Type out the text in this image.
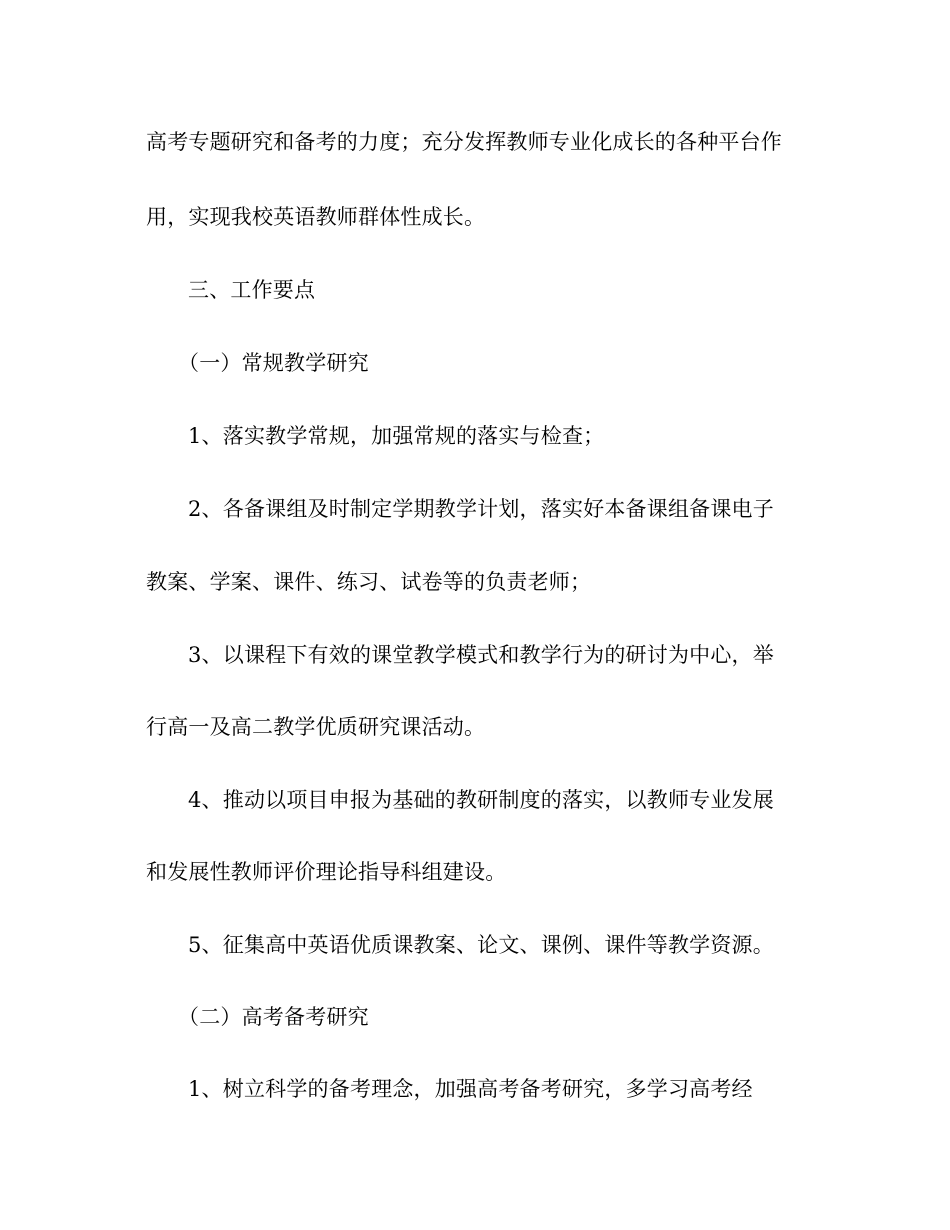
高考专题研究和备考的力度；充分发挥教师专业化成长的各种平台作
用，实现我校英语教师群体性成长。
三、工作要点
（一）常规教学研究
1、落实教学常规，加强常规的落实与检查；
2、各备课组及时制定学期教学计划，落实好本备课组备课电子
教案、学案、课件、练习、试卷等的负责老师；
3、以课程下有效的课堂教学模式和教学行为的研讨为中心，举
行高一及高二教学优质研究课活动。
4、推动以项目申报为基础的教研制度的落实，以教师专业发展
和发展性教师评价理论指导科组建设。
5、征集高中英语优质课教案、论文、课例、课件等教学资源。
（二）高考备考研究
1、树立科学的备考理念，加强高考备考研究，多学习高考经
